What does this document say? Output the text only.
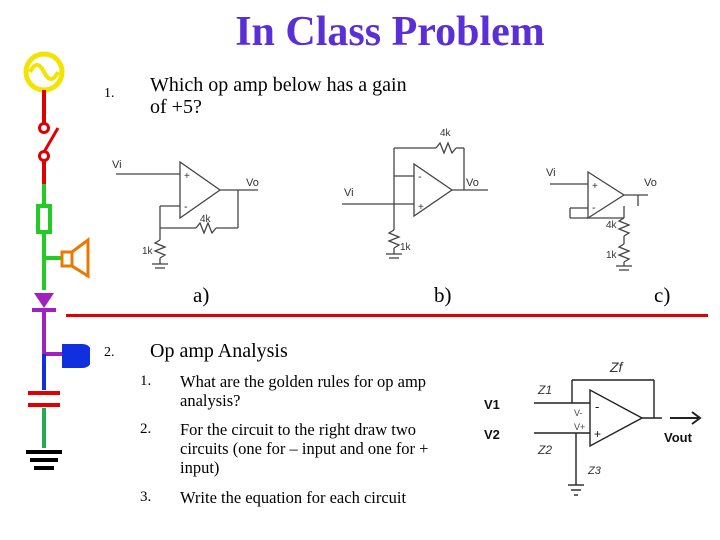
In Class Problem
1. Which op amp below has a gain
of +5?
+
-
Vi
Vo
4k
1k
-
+
Vi
Vo
4k
1k
+
-
Vi
Vo
4k
1k
a)	b)	c)
2. Op amp Analysis
1. What are the golden rules for op amp
analysis?
2. For the circuit to the right draw two
circuits (one for – input and one for +
input)
3. Write the equation for each circuit
Zf
Z1
Z2
Z3
V1
V2	Vout
-
+
V-
V+
